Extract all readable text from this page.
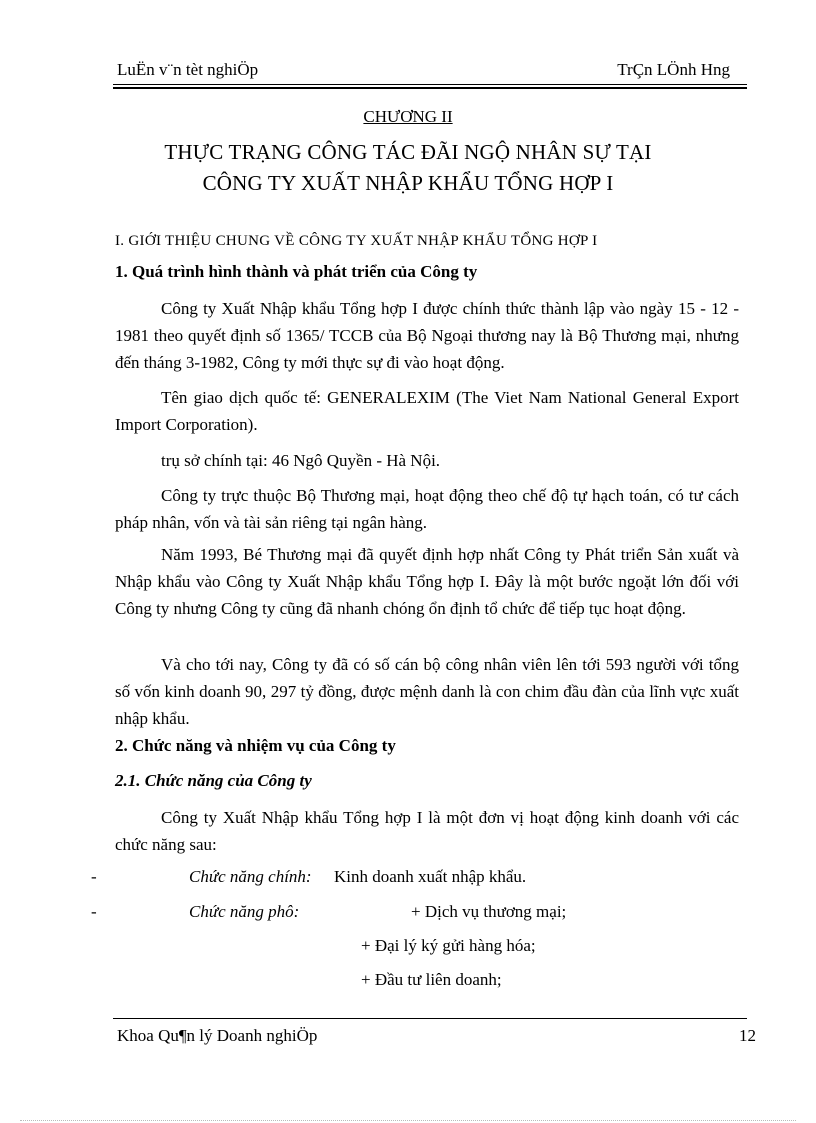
LuËn v¨n tèt nghiÖp	TrÇn LÖnh Hng
CHƯƠNG II
THỰC TRẠNG CÔNG TÁC ĐÃI NGỘ NHÂN SỰ TẠI
CÔNG TY XUẤT NHẬP KHẨU TỔNG HỢP I
I. GIỚI THIỆU CHUNG VỀ CÔNG TY XUẤT NHẬP KHẨU TỔNG HỢP I
1. Quá trình hình thành và phát triển của Công ty
Công ty Xuất Nhập khẩu Tổng hợp I được chính thức thành lập vào ngày 15 - 12 - 1981 theo quyết định số 1365/ TCCB của Bộ Ngoại thương nay là Bộ Thương mại, nhưng đến tháng 3-1982, Công ty mới thực sự đi vào hoạt động.
Tên giao dịch quốc tế: GENERALEXIM (The Viet Nam National General Export Import Corporation).
trụ sở chính tại: 46 Ngô Quyền - Hà Nội.
Công ty trực thuộc Bộ Thương mại, hoạt động theo chế độ tự hạch toán, có tư cách pháp nhân, vốn và tài sản riêng tại ngân hàng.
Năm 1993, Bé Thương mại đã quyết định hợp nhất Công ty Phát triển Sản xuất và Nhập khẩu vào Công ty Xuất Nhập khẩu Tổng hợp I. Đây là một bước ngoặt lớn đối với Công ty nhưng Công ty cũng đã nhanh chóng ổn định tổ chức để tiếp tục hoạt động.
Và cho tới nay, Công ty đã có số cán bộ công nhân viên lên tới 593 người với tổng số vốn kinh doanh 90, 297 tỷ đồng, được mệnh danh là con chim đầu đàn của lĩnh vực xuất nhập khẩu.
2. Chức năng và nhiệm vụ của Công ty
2.1. Chức năng của Công ty
Công ty Xuất Nhập khẩu Tổng hợp I là một đơn vị hoạt động kinh doanh với các chức năng sau:
-	Chức năng chính: Kinh doanh xuất nhập khẩu.
-	Chức năng phô:	+ Dịch vụ thương mại;
+ Đại lý ký gửi hàng hóa;
+ Đầu tư liên doanh;
Khoa Qu¶n lý Doanh nghiÖp	12
